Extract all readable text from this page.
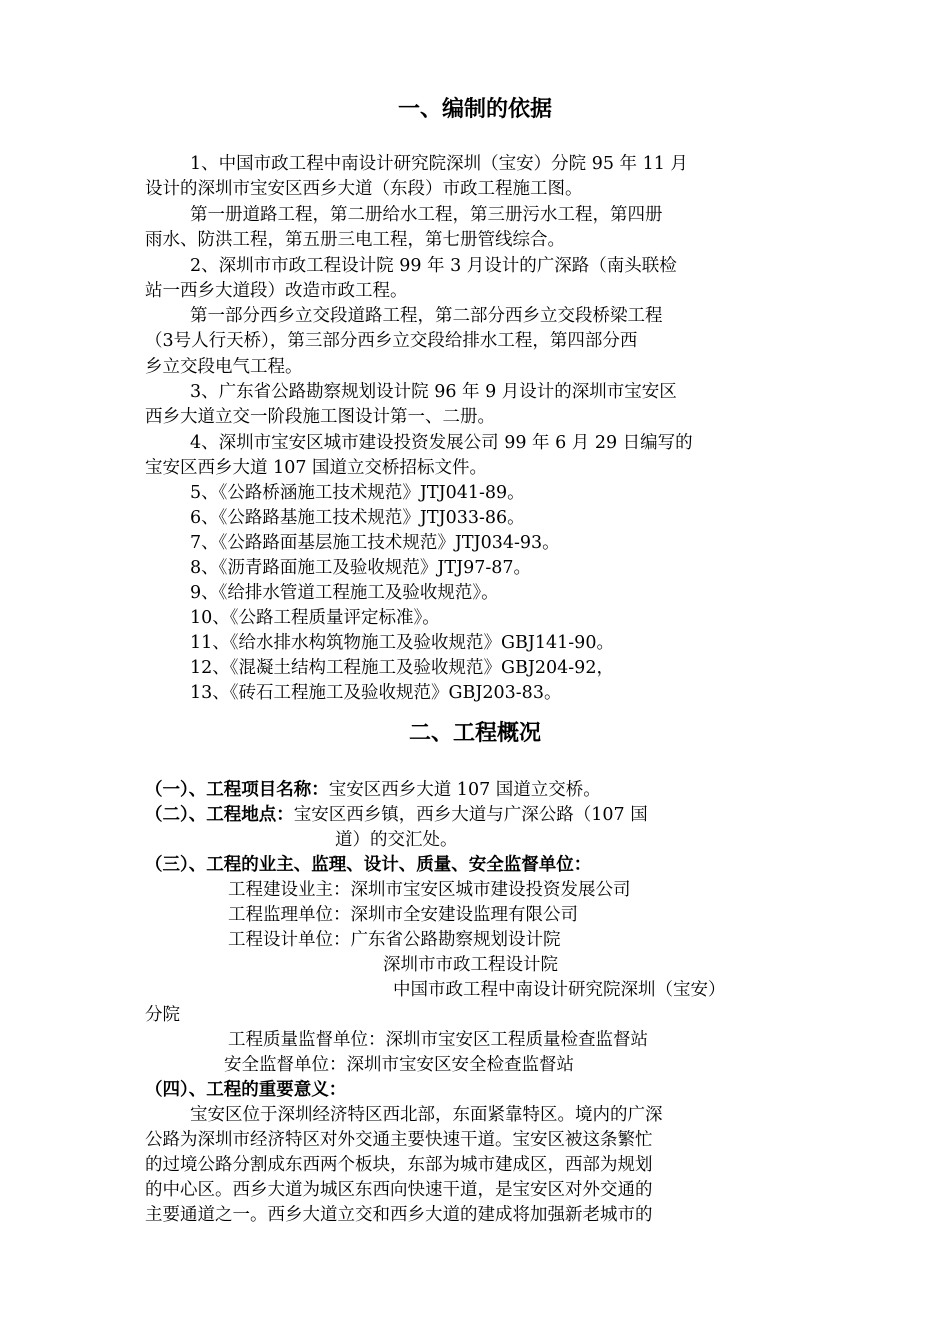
一、编制的依据
1、中国市政工程中南设计研究院深圳（宝安）分院 95 年 11 月
设计的深圳市宝安区西乡大道（东段）市政工程施工图。
第一册道路工程，第二册给水工程，第三册污水工程，第四册
雨水、防洪工程，第五册三电工程，第七册管线综合。
2、深圳市市政工程设计院 99 年 3 月设计的广深路（南头联检
站一西乡大道段）改造市政工程。
第一部分西乡立交段道路工程，第二部分西乡立交段桥梁工程
（3号人行天桥），第三部分西乡立交段给排水工程，第四部分西
乡立交段电气工程。
3、广东省公路勘察规划设计院 96 年 9 月设计的深圳市宝安区
西乡大道立交一阶段施工图设计第一、二册。
4、深圳市宝安区城市建设投资发展公司 99 年 6 月 29 日编写的
宝安区西乡大道 107 国道立交桥招标文件。
5、《公路桥涵施工技术规范》JTJ041-89。
6、《公路路基施工技术规范》JTJ033-86。
7、《公路路面基层施工技术规范》JTJ034-93。
8、《沥青路面施工及验收规范》JTJ97-87。
9、《给排水管道工程施工及验收规范》。
10、《公路工程质量评定标准》。
11、《给水排水构筑物施工及验收规范》GBJ141-90。
12、《混凝土结构工程施工及验收规范》GBJ204-92，
13、《砖石工程施工及验收规范》GBJ203-83。
二、工程概况
（一）、工程项目名称：宝安区西乡大道 107 国道立交桥。
（二）、工程地点：宝安区西乡镇，西乡大道与广深公路（107 国
道）的交汇处。
（三）、工程的业主、监理、设计、质量、安全监督单位：
工程建设业主：深圳市宝安区城市建设投资发展公司
工程监理单位：深圳市全安建设监理有限公司
工程设计单位：广东省公路勘察规划设计院
深圳市市政工程设计院
中国市政工程中南设计研究院深圳（宝安）
分院
工程质量监督单位：深圳市宝安区工程质量检查监督站
安全监督单位：深圳市宝安区安全检查监督站
（四）、工程的重要意义：
宝安区位于深圳经济特区西北部，东面紧靠特区。境内的广深
公路为深圳市经济特区对外交通主要快速干道。宝安区被这条繁忙
的过境公路分割成东西两个板块，东部为城市建成区，西部为规划
的中心区。西乡大道为城区东西向快速干道，是宝安区对外交通的
主要通道之一。西乡大道立交和西乡大道的建成将加强新老城市的
